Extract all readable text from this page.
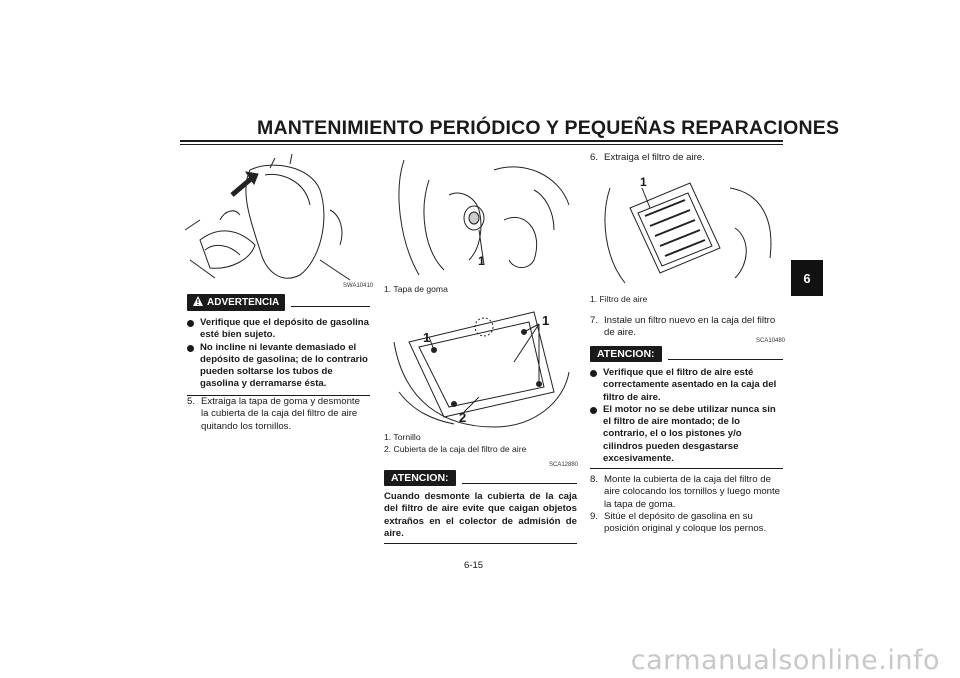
MANTENIMIENTO PERIÓDICO Y PEQUEÑAS REPARACIONES
6
SWA10410
ADVERTENCIA
Verifique que el depósito de gasolina esté bien sujeto.
No incline ni levante demasiado el depósito de gasolina; de lo contrario pueden soltarse los tubos de gasolina y derramarse ésta.
5. Extraiga la tapa de goma y desmonte la cubierta de la caja del filtro de aire quitando los tornillos.
1
1. Tapa de goma
1
1
2
1. Tornillo
2. Cubierta de la caja del filtro de aire
SCA12880
ATENCION:
Cuando desmonte la cubierta de la caja del filtro de aire evite que caigan objetos extraños en el colector de admisión de aire.
6. Extraiga el filtro de aire.
1
1. Filtro de aire
7. Instale un filtro nuevo en la caja del filtro de aire.
SCA10480
ATENCION:
Verifique que el filtro de aire esté correctamente asentado en la caja del filtro de aire.
El motor no se debe utilizar nunca sin el filtro de aire montado; de lo contrario, el o los pistones y/o cilindros pueden desgastarse excesivamente.
8. Monte la cubierta de la caja del filtro de aire colocando los tornillos y luego monte la tapa de goma.
9. Sitúe el depósito de gasolina en su posición original y coloque los pernos.
6-15
carmanualsonline.info
